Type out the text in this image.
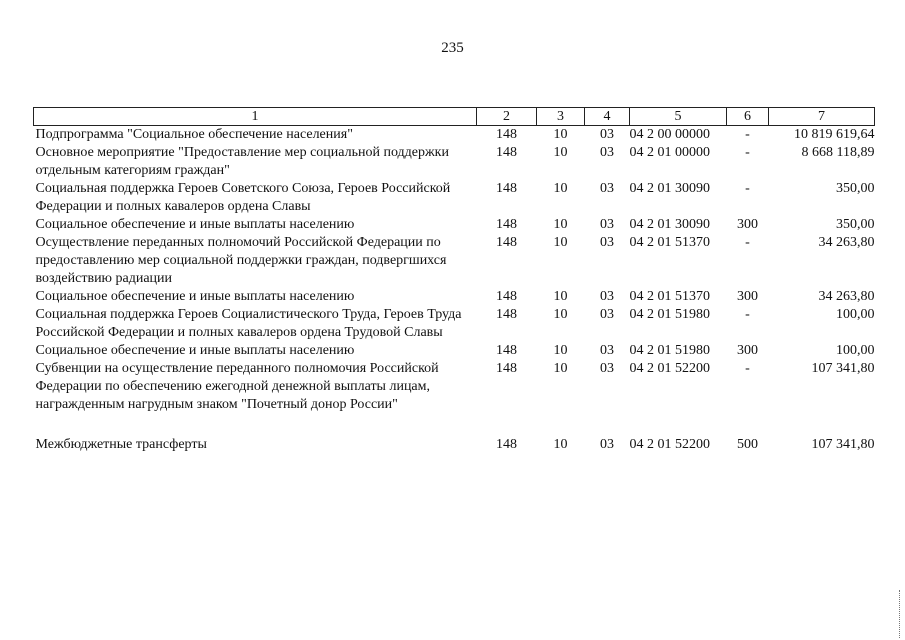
235
1	2	3	4	5	6	7
Подпрограмма "Социальное обеспечение населения"	148	10	03	04 2 00 00000	-	10 819 619,64
Основное мероприятие "Предоставление мер социальной поддержки отдельным категориям граждан"	148	10	03	04 2 01 00000	-	8 668 118,89
Социальная поддержка Героев Советского Союза, Героев Российской Федерации и полных кавалеров ордена Славы	148	10	03	04 2 01 30090	-	350,00
Социальное обеспечение и иные выплаты населению	148	10	03	04 2 01 30090	300	350,00
Осуществление переданных полномочий Российской Федерации по предоставлению мер социальной поддержки граждан, подвергшихся воздействию радиации	148	10	03	04 2 01 51370	-	34 263,80
Социальное обеспечение и иные выплаты населению	148	10	03	04 2 01 51370	300	34 263,80
Социальная поддержка Героев Социалистического Труда, Героев Труда Российской Федерации и полных кавалеров ордена Трудовой Славы	148	10	03	04 2 01 51980	-	100,00
Социальное обеспечение и иные выплаты населению	148	10	03	04 2 01 51980	300	100,00
Субвенции на осуществление переданного полномочия Российской Федерации по обеспечению ежегодной денежной выплаты лицам, награжденным нагрудным знаком "Почетный донор России"	148	10	03	04 2 01 52200	-	107 341,80

Межбюджетные трансферты	148	10	03	04 2 01 52200	500	107 341,80
